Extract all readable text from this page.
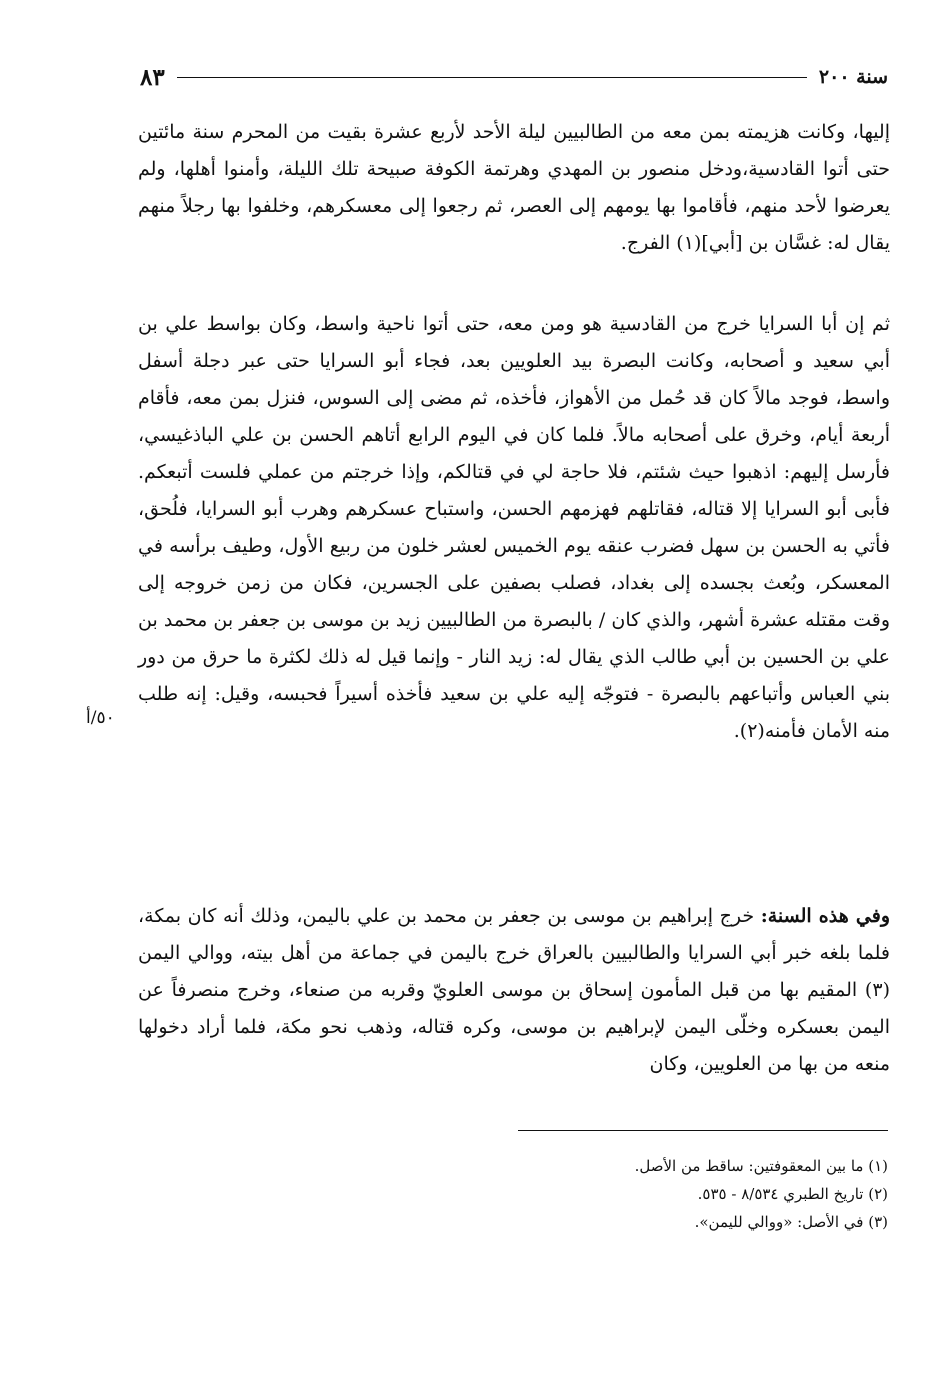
سنة ٢٠٠
٨٣

إليها، وكانت هزيمته بمن معه من الطالبيين ليلة الأحد لأربع عشرة بقيت من المحرم سنة مائتين حتى أتوا القادسية،ودخل منصور بن المهدي وهرتمة الكوفة صبيحة تلك الليلة، وأمنوا أهلها، ولم يعرضوا لأحد منهم، فأقاموا بها يومهم إلى العصر، ثم رجعوا إلى معسكرهم، وخلفوا بها رجلاً منهم يقال له: غسَّان بن [أبي](١) الفرج.

ثم إن أبا السرايا خرج من القادسية هو ومن معه، حتى أتوا ناحية واسط، وكان بواسط علي بن أبي سعيد و أصحابه، وكانت البصرة بيد العلويين بعد، فجاء أبو السرايا حتى عبر دجلة أسفل واسط، فوجد مالاً كان قد حُمل من الأهواز، فأخذه، ثم مضى إلى السوس، فنزل بمن معه، فأقام أربعة أيام، وخرق على أصحابه مالاً. فلما كان في اليوم الرابع أتاهم الحسن بن علي الباذغيسي، فأرسل إليهم: اذهبوا حيث شئتم، فلا حاجة لي في قتالكم، وإذا خرجتم من عملي فلست أتبعكم. فأبى أبو السرايا إلا قتاله، فقاتلهم فهزمهم الحسن، واستباح عسكرهم وهرب أبو السرايا، فلُحق، فأتي به الحسن بن سهل فضرب عنقه يوم الخميس لعشر خلون من ربيع الأول، وطيف برأسه في المعسكر، وبُعث بجسده إلى بغداد، فصلب بصفين على الجسرين، فكان من زمن خروجه إلى وقت مقتله عشرة أشهر، والذي كان / بالبصرة من الطالبيين زيد بن موسى بن جعفر بن محمد بن علي بن الحسين بن أبي طالب الذي يقال له: زيد النار - وإنما قيل له ذلك لكثرة ما حرق من دور بني العباس وأتباعهم بالبصرة - فتوجّه إليه علي بن سعيد فأخذه أسيراً فحبسه، وقيل: إنه طلب منه الأمان فأمنه(٢).

وفي هذه السنة: خرج إبراهيم بن موسى بن جعفر بن محمد بن علي باليمن، وذلك أنه كان بمكة، فلما بلغه خبر أبي السرايا والطالبيين بالعراق خرج باليمن في جماعة من أهل بيته، ووالي اليمن (٣) المقيم بها من قبل المأمون إسحاق بن موسى العلويّ وقربه من صنعاء، وخرج منصرفاً عن اليمن بعسكره وخلّى اليمن لإبراهيم بن موسى، وكره قتاله، وذهب نحو مكة، فلما أراد دخولها منعه من بها من العلويين، وكان

٥٠/أ
(١) ما بين المعقوفتين: ساقط من الأصل.
(٢) تاريخ الطبري ٨/٥٣٤ - ٥٣٥.
(٣) في الأصل: «ووالي لليمن».
